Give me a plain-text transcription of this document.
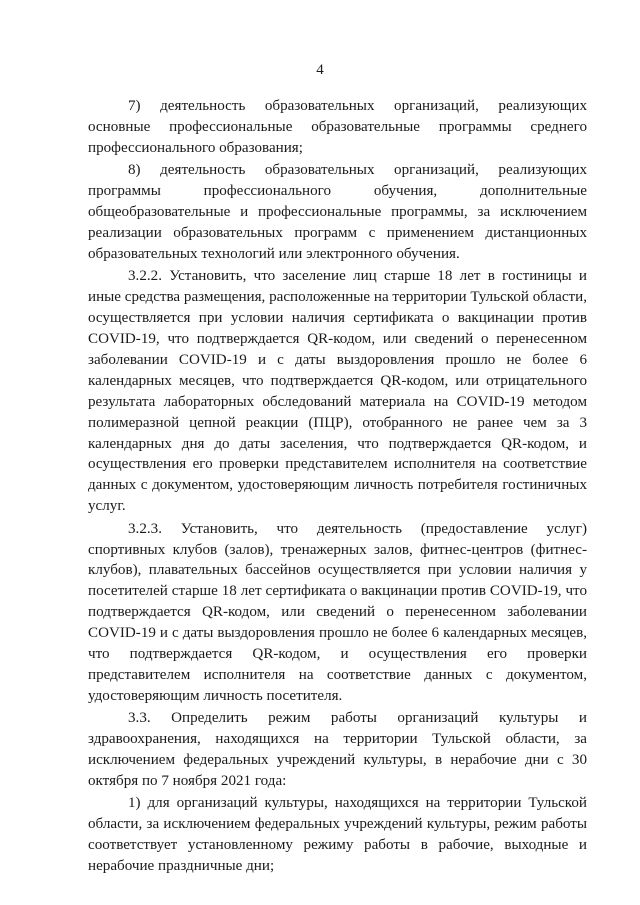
4

7) деятельность образовательных организаций, реализующих основные профессиональные образовательные программы среднего профессионального образования;

8) деятельность образовательных организаций, реализующих программы профессионального обучения, дополнительные общеобразовательные и профессиональные программы, за исключением реализации образовательных программ с применением дистанционных образовательных технологий или электронного обучения.

3.2.2. Установить, что заселение лиц старше 18 лет в гостиницы и иные средства размещения, расположенные на территории Тульской области, осуществляется при условии наличия сертификата о вакцинации против COVID-19, что подтверждается QR-кодом, или сведений о перенесенном заболевании COVID-19 и с даты выздоровления прошло не более 6 календарных месяцев, что подтверждается QR-кодом, или отрицательного результата лабораторных обследований материала на COVID-19 методом полимеразной цепной реакции (ПЦР), отобранного не ранее чем за 3 календарных дня до даты заселения, что подтверждается QR-кодом, и осуществления его проверки представителем исполнителя на соответствие данных с документом, удостоверяющим личность потребителя гостиничных услуг.

3.2.3. Установить, что деятельность (предоставление услуг) спортивных клубов (залов), тренажерных залов, фитнес-центров (фитнес-клубов), плавательных бассейнов осуществляется при условии наличия у посетителей старше 18 лет сертификата о вакцинации против COVID-19, что подтверждается QR-кодом, или сведений о перенесенном заболевании COVID-19 и с даты выздоровления прошло не более 6 календарных месяцев, что подтверждается QR-кодом, и осуществления его проверки представителем исполнителя на соответствие данных с документом, удостоверяющим личность посетителя.

3.3. Определить режим работы организаций культуры и здравоохранения, находящихся на территории Тульской области, за исключением федеральных учреждений культуры, в нерабочие дни с 30 октября по 7 ноября 2021 года:

1) для организаций культуры, находящихся на территории Тульской области, за исключением федеральных учреждений культуры, режим работы соответствует установленному режиму работы в рабочие, выходные и нерабочие праздничные дни;
